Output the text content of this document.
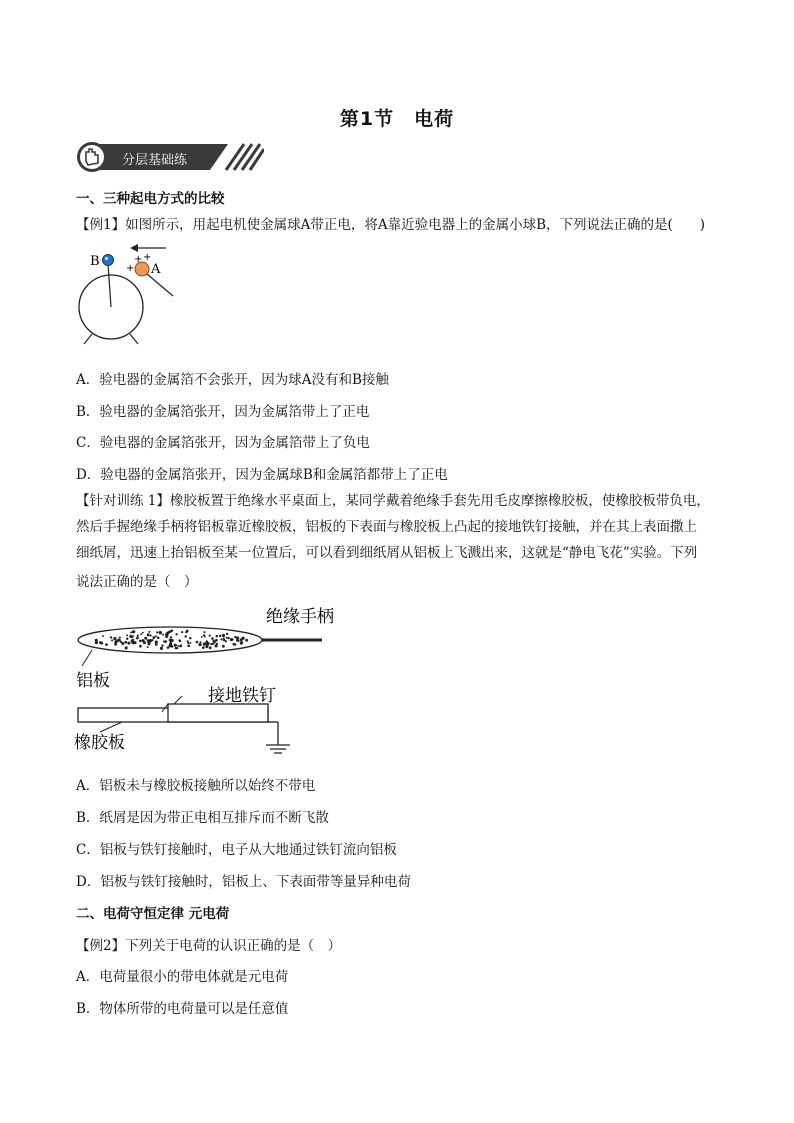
第1节　电荷
分层基础练
一、三种起电方式的比较
【例1】如图所示，用起电机使金属球A带正电，将A靠近验电器上的金属小球B，下列说法正确的是(　　)
B
A
+ +
+
A．验电器的金属箔不会张开，因为球A没有和B接触
B．验电器的金属箔张开，因为金属箔带上了正电
C．验电器的金属箔张开，因为金属箔带上了负电
D．验电器的金属箔张开，因为金属球B和金属箔都带上了正电
【针对训练 1】橡胶板置于绝缘水平桌面上，某同学戴着绝缘手套先用毛皮摩擦橡胶板，使橡胶板带负电，
然后手握绝缘手柄将铝板靠近橡胶板，铝板的下表面与橡胶板上凸起的接地铁钉接触，并在其上表面撒上
细纸屑，迅速上抬铝板至某一位置后，可以看到细纸屑从铝板上飞溅出来，这就是“静电飞花”实验。下列
说法正确的是（　）
绝缘手柄
铝板
接地铁钉
橡胶板
A．铝板未与橡胶板接触所以始终不带电
B．纸屑是因为带正电相互排斥而不断飞散
C．铝板与铁钉接触时，电子从大地通过铁钉流向铝板
D．铝板与铁钉接触时，铝板上、下表面带等量异种电荷
二、电荷守恒定律 元电荷
【例2】下列关于电荷的认识正确的是（　）
A．电荷量很小的带电体就是元电荷
B．物体所带的电荷量可以是任意值
